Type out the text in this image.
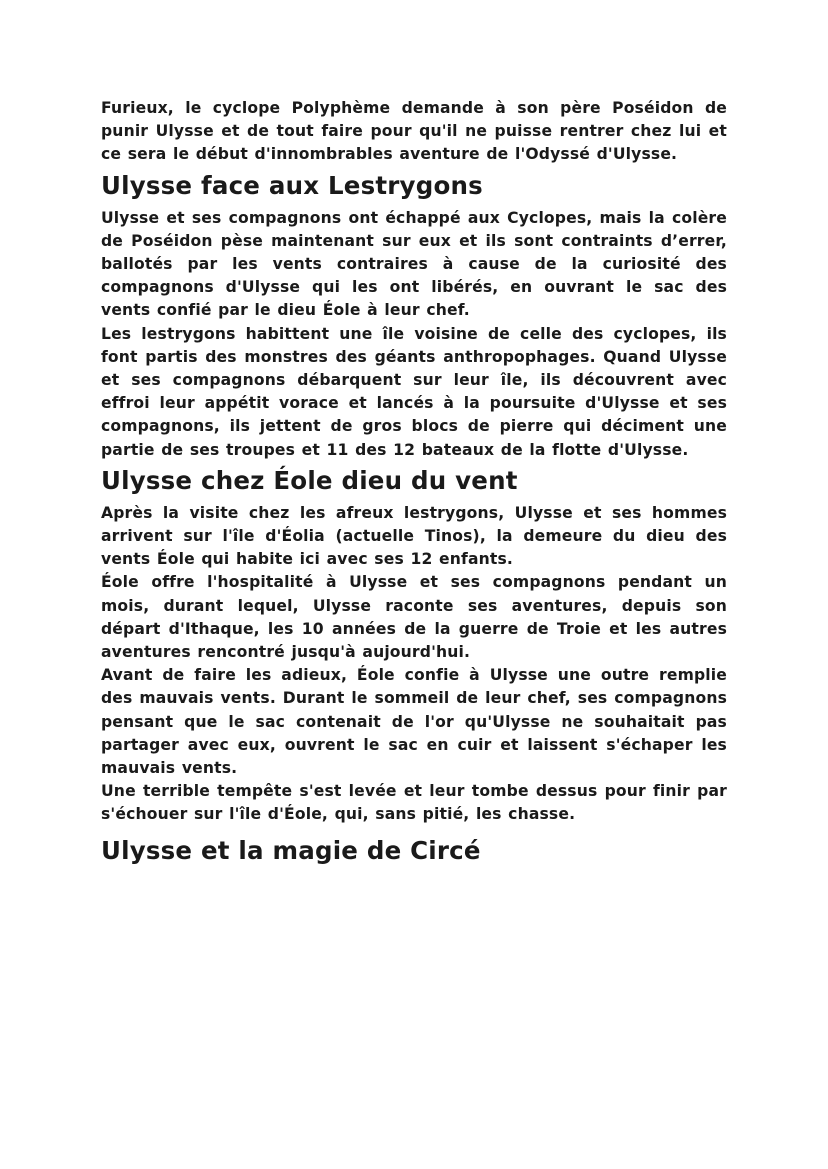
Furieux, le cyclope Polyphème demande à son père Poséidon de punir Ulysse et de tout faire pour qu'il ne puisse rentrer chez lui et ce sera le début d'innombrables aventure de l'Odyssé d'Ulysse.

Ulysse face aux Lestrygons

Ulysse et ses compagnons ont échappé aux Cyclopes, mais la colère de Poséidon pèse maintenant sur eux et ils sont contraints d’errer, ballotés par les vents contraires à cause de la curiosité des compagnons d'Ulysse qui les ont libérés, en ouvrant le sac des vents confié par le dieu Éole à leur chef.

Les lestrygons habittent une île voisine de celle des cyclopes, ils font partis des monstres des géants anthropophages. Quand Ulysse et ses compagnons débarquent sur leur île, ils découvrent avec effroi leur appétit vorace et lancés à la poursuite d'Ulysse et ses compagnons, ils jettent de gros blocs de pierre qui déciment une partie de ses troupes et 11 des 12 bateaux de la flotte d'Ulysse.

Ulysse chez Éole dieu du vent

Après la visite chez les afreux lestrygons, Ulysse et ses hommes arrivent sur l'île d'Éolia (actuelle Tinos), la demeure du dieu des vents Éole qui habite ici avec ses 12 enfants.

Éole offre l'hospitalité à Ulysse et ses compagnons pendant un mois, durant lequel, Ulysse raconte ses aventures, depuis son départ d'Ithaque, les 10 années de la guerre de Troie et les autres aventures rencontré jusqu'à aujourd'hui.

Avant de faire les adieux, Éole confie à Ulysse une outre remplie des mauvais vents. Durant le sommeil de leur chef, ses compagnons pensant que le sac contenait de l'or qu'Ulysse ne souhaitait pas partager avec eux, ouvrent le sac en cuir et laissent s'échaper les mauvais vents.

Une terrible tempête s'est levée et leur tombe dessus pour finir par s'échouer sur l'île d'Éole, qui, sans pitié, les chasse.

Ulysse et la magie de Circé
